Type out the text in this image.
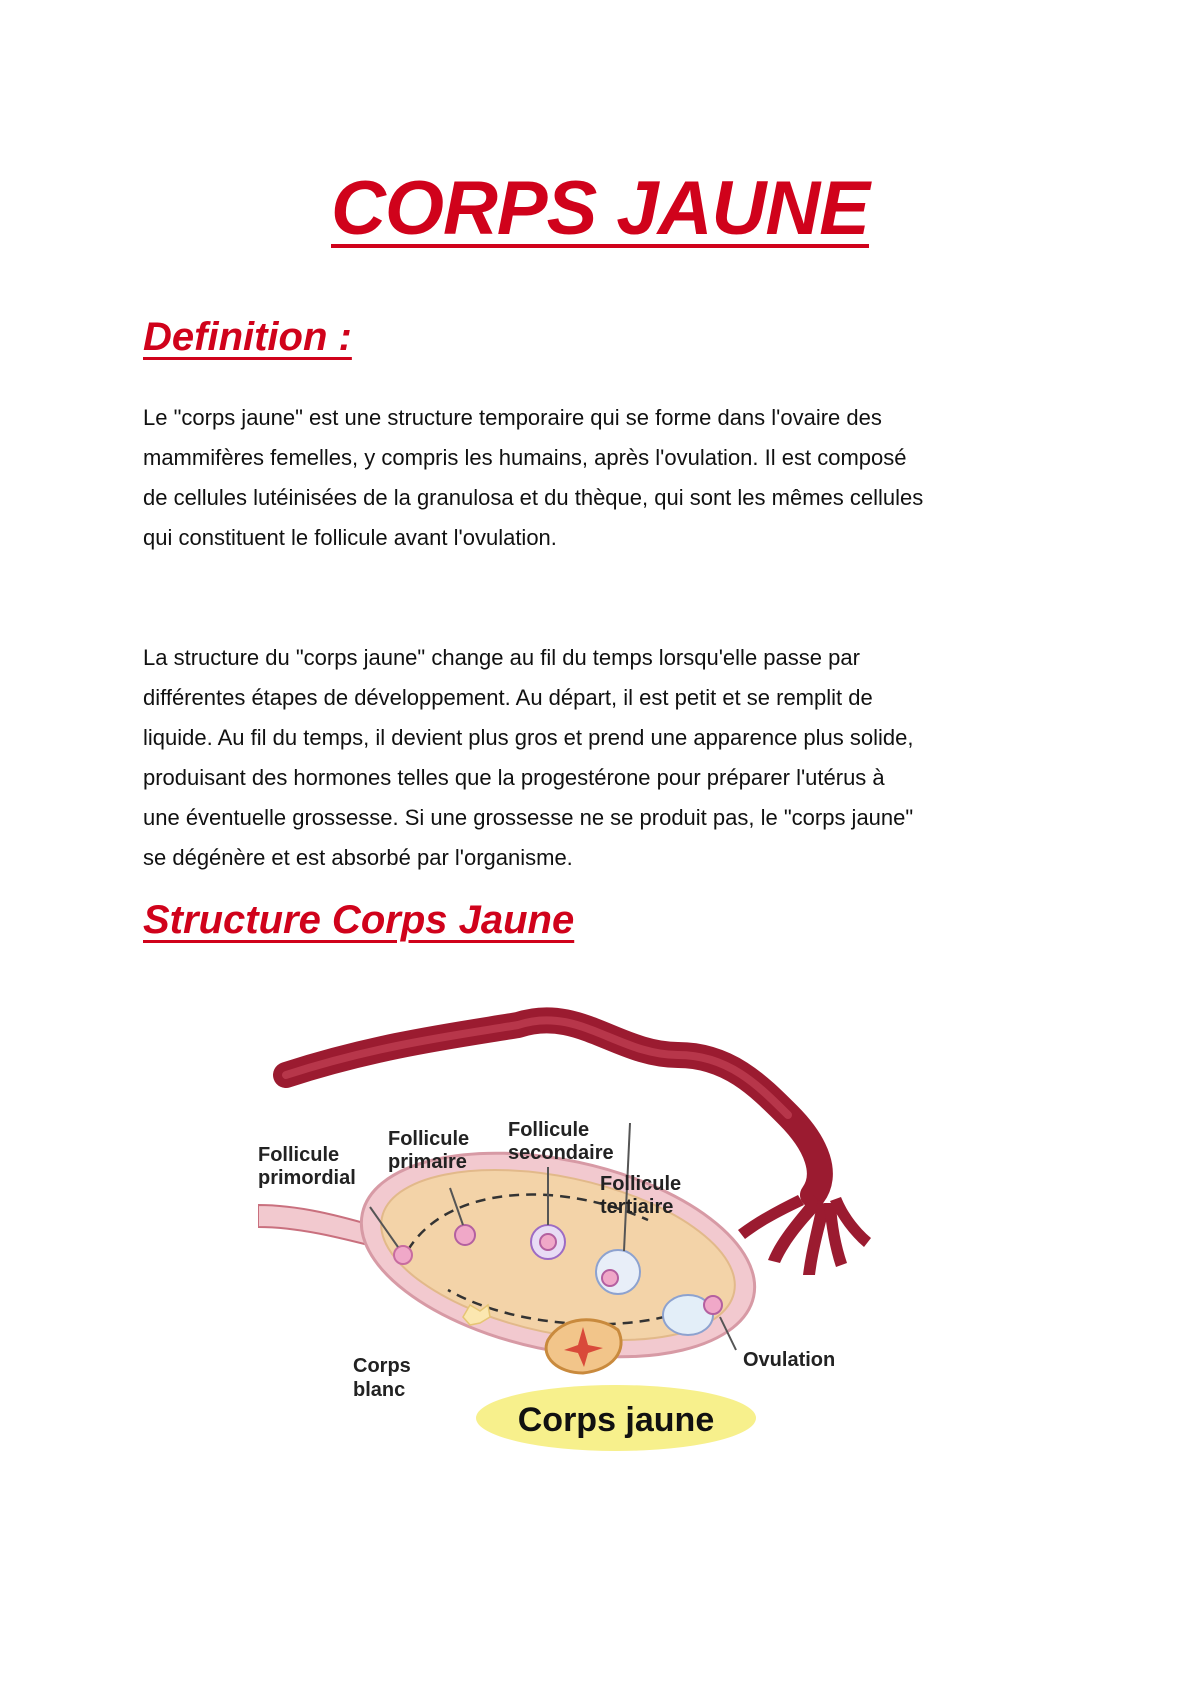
CORPS JAUNE
Definition :
Le "corps jaune" est une structure temporaire qui se forme dans l'ovaire des
mammifères femelles, y compris les humains, après l'ovulation. Il est composé
de cellules lutéinisées de la granulosa et du thèque, qui sont les mêmes cellules
qui constituent le follicule avant l'ovulation.
La structure du "corps jaune" change au fil du temps lorsqu'elle passe par
différentes étapes de développement. Au départ, il est petit et se remplit de
liquide. Au fil du temps, il devient plus gros et prend une apparence plus solide,
produisant des hormones telles que la progestérone pour préparer l'utérus à
une éventuelle grossesse. Si une grossesse ne se produit pas, le "corps jaune"
se dégénère et est absorbé par l'organisme.
Structure Corps Jaune
Follicule
primordial
Follicule
primaire
Follicule
secondaire
Follicule
tertiaire
Ovulation
Corps
blanc
Corps jaune
